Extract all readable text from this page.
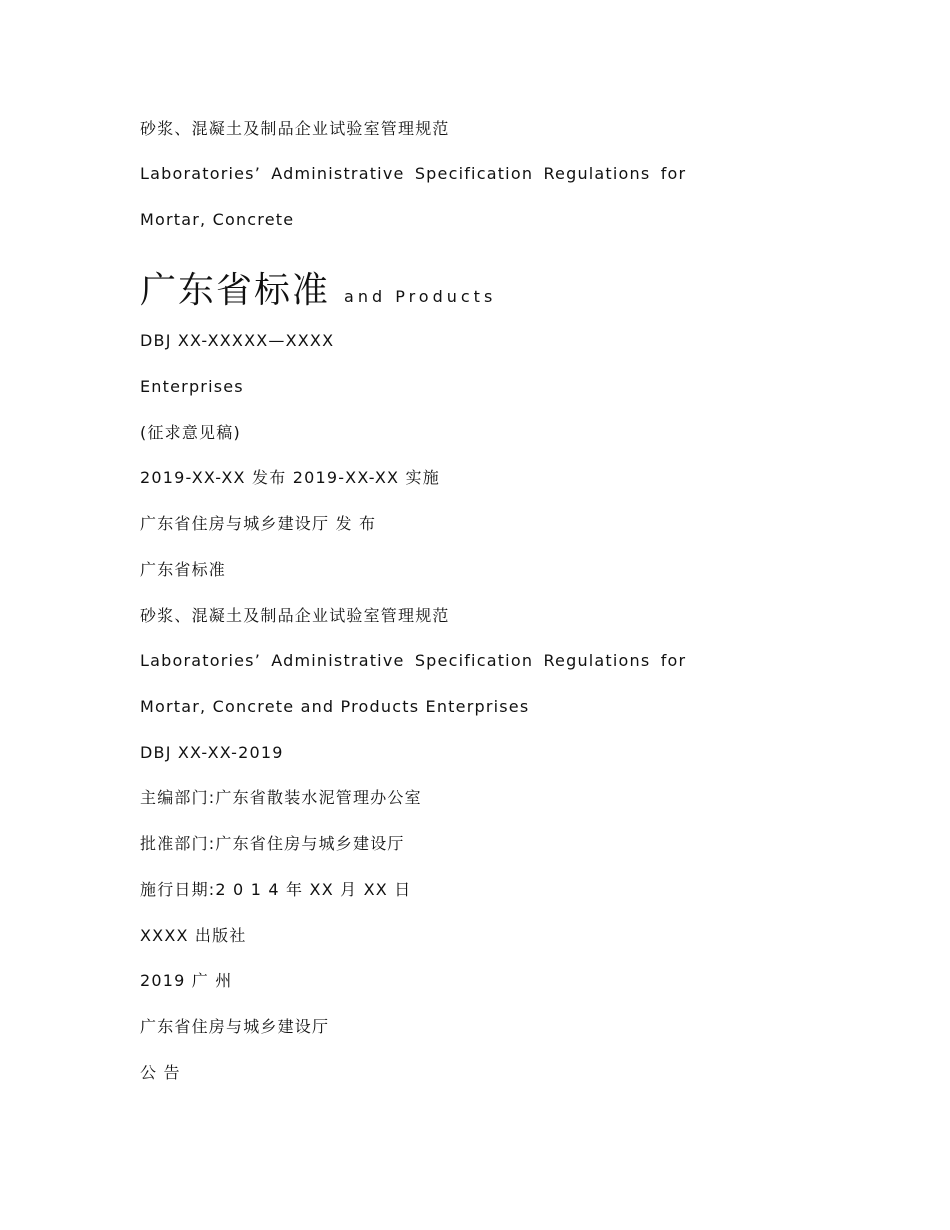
砂浆、混凝土及制品企业试验室管理规范
Laboratories’ Administrative Specification Regulations for
Mortar, Concrete
广东省标准 and Products
DBJ XX-XXXXX—XXXX
Enterprises
(征求意见稿)
2019-XX-XX 发布 2019-XX-XX 实施
广东省住房与城乡建设厅 发 布
广东省标准
砂浆、混凝土及制品企业试验室管理规范
Laboratories’ Administrative Specification Regulations for
Mortar, Concrete and Products Enterprises
DBJ XX-XX-2019
主编部门:广东省散装水泥管理办公室
批准部门:广东省住房与城乡建设厅
施行日期:2 0 1 4 年 XX 月 XX 日
XXXX 出版社
2019 广 州
广东省住房与城乡建设厅
公 告
